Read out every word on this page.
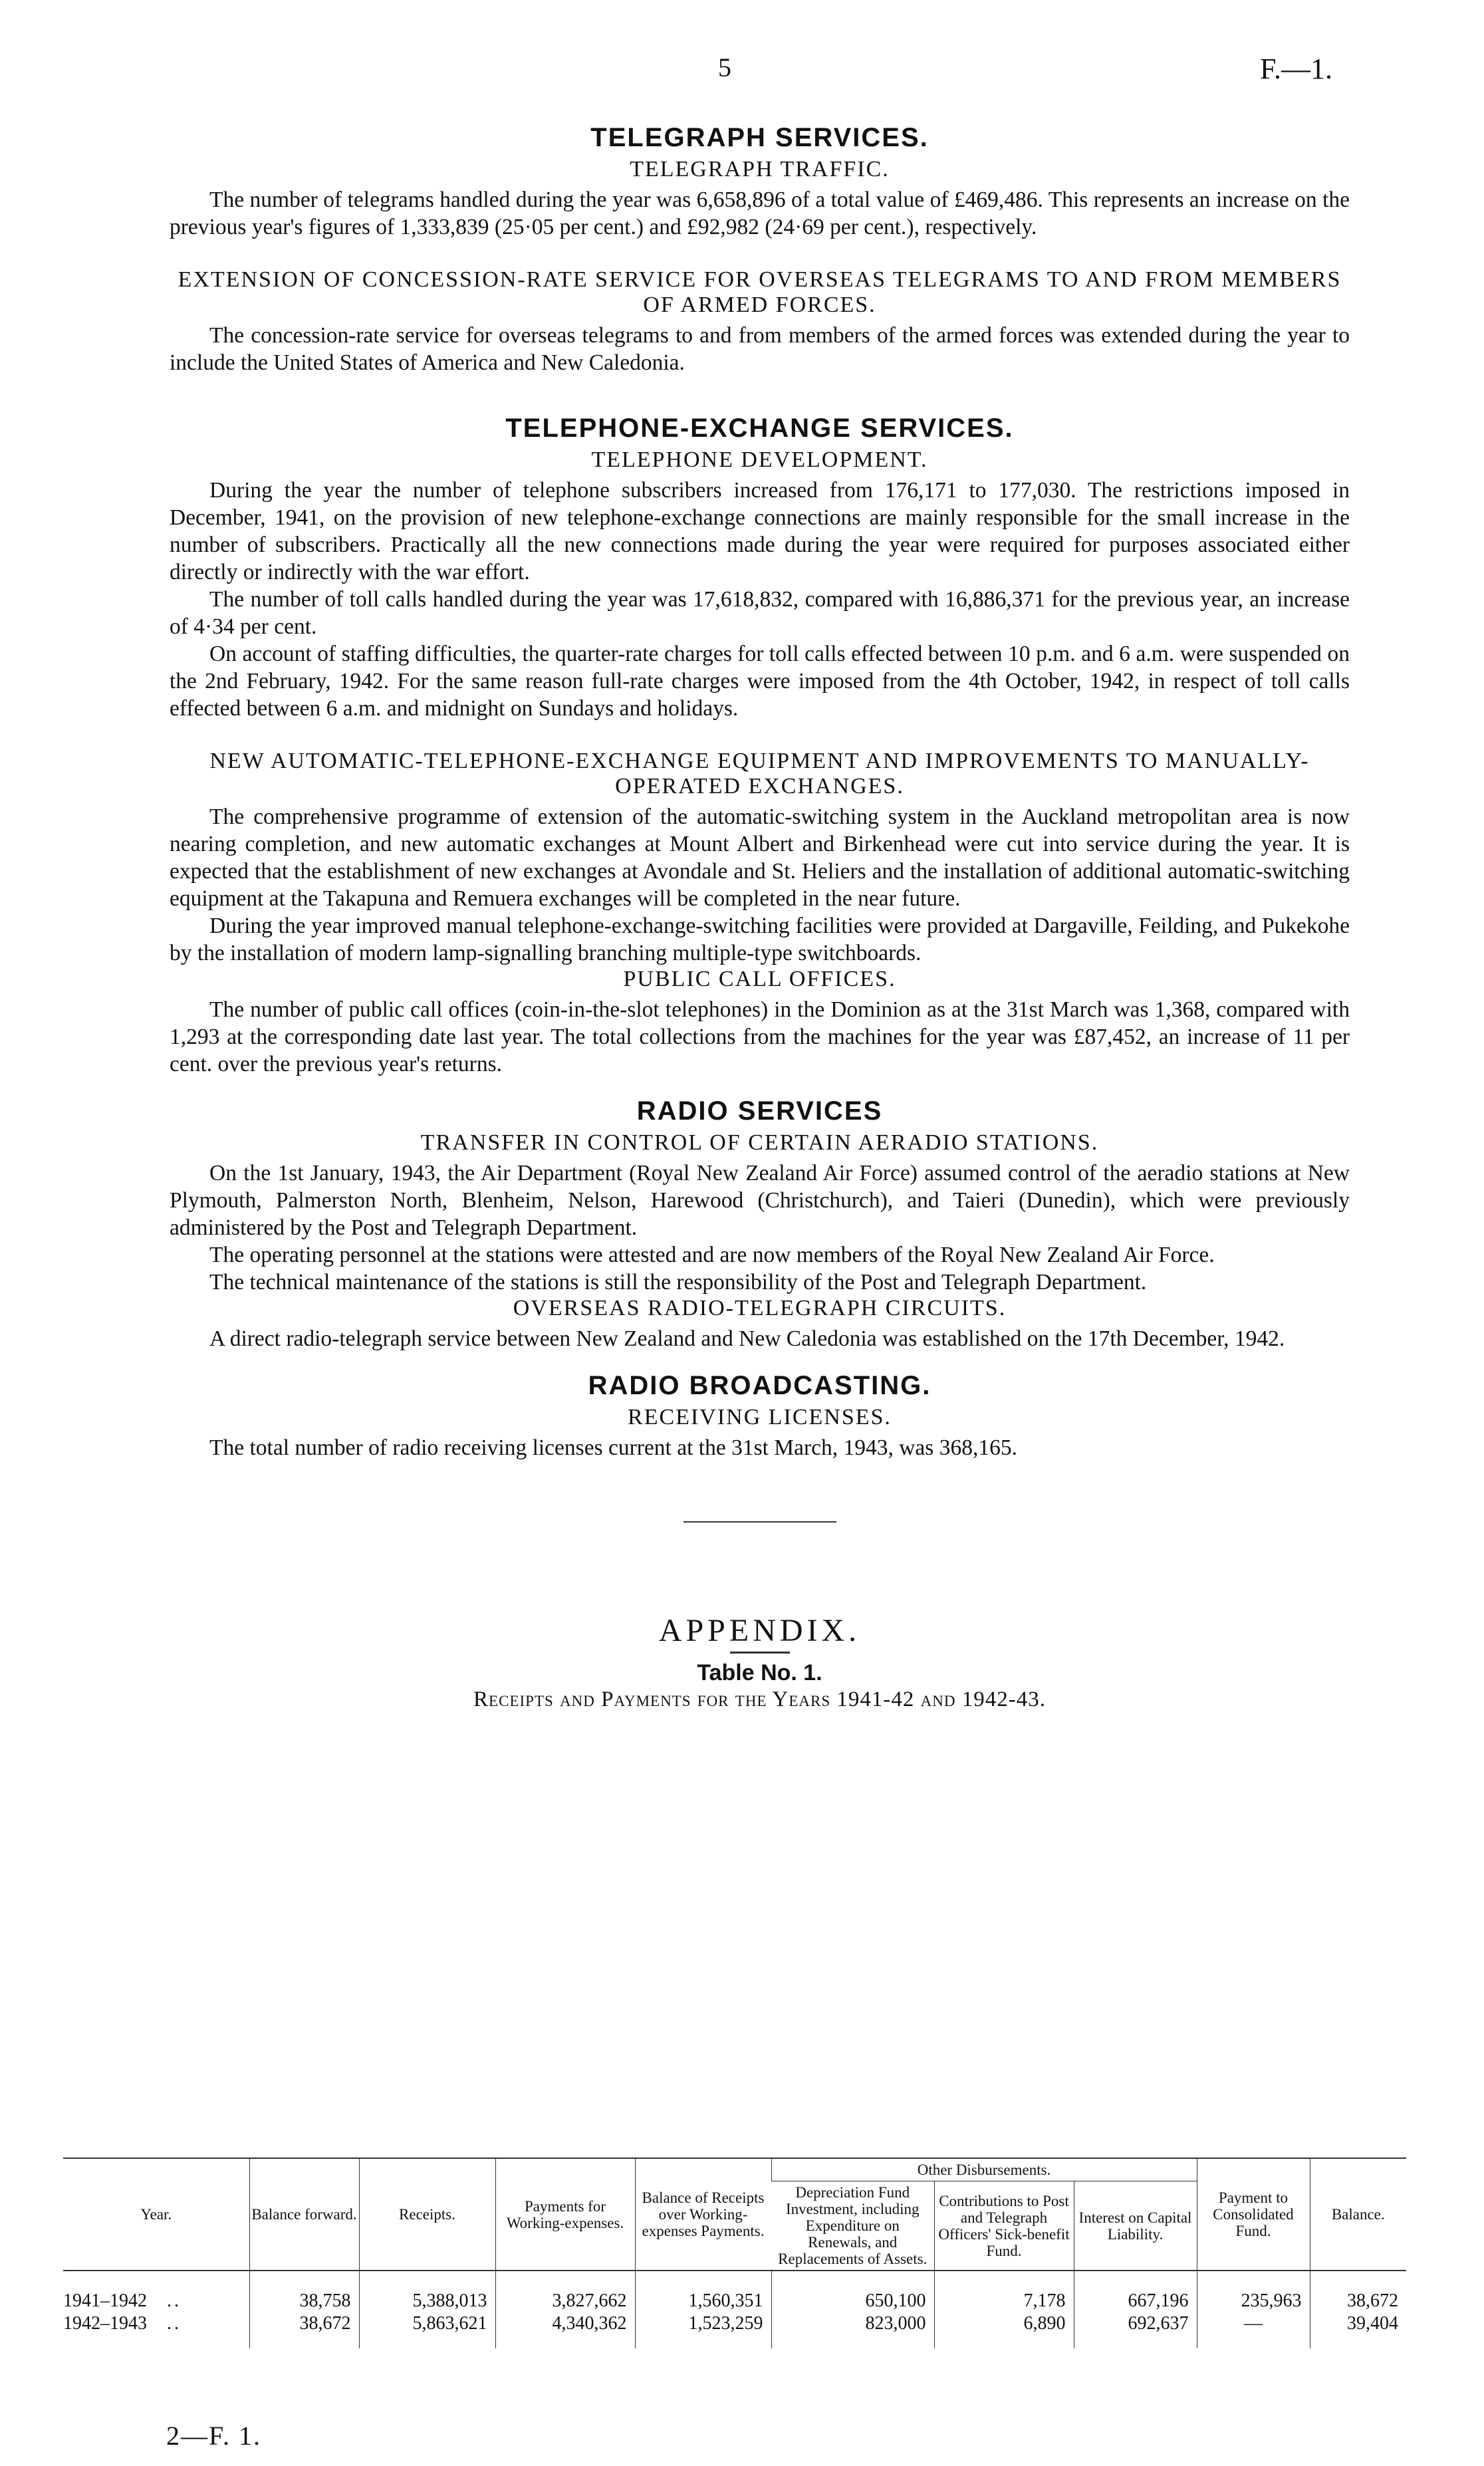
5	F.—1.
TELEGRAPH SERVICES.
TELEGRAPH TRAFFIC.

The number of telegrams handled during the year was 6,658,896 of a total value of £469,486. This represents an increase on the previous year's figures of 1,333,839 (25·05 per cent.) and £92,982 (24·69 per cent.), respectively.

EXTENSION OF CONCESSION-RATE SERVICE FOR OVERSEAS TELEGRAMS TO AND FROM MEMBERS OF ARMED FORCES.

The concession-rate service for overseas telegrams to and from members of the armed forces was extended during the year to include the United States of America and New Caledonia.

TELEPHONE-EXCHANGE SERVICES.
TELEPHONE DEVELOPMENT.

During the year the number of telephone subscribers increased from 176,171 to 177,030. The restrictions imposed in December, 1941, on the provision of new telephone-exchange connections are mainly responsible for the small increase in the number of subscribers. Practically all the new connections made during the year were required for purposes associated either directly or indirectly with the war effort.

The number of toll calls handled during the year was 17,618,832, compared with 16,886,371 for the previous year, an increase of 4·34 per cent.

On account of staffing difficulties, the quarter-rate charges for toll calls effected between 10 p.m. and 6 a.m. were suspended on the 2nd February, 1942. For the same reason full-rate charges were imposed from the 4th October, 1942, in respect of toll calls effected between 6 a.m. and midnight on Sundays and holidays.

NEW AUTOMATIC-TELEPHONE-EXCHANGE EQUIPMENT AND IMPROVEMENTS TO MANUALLY-OPERATED EXCHANGES.

The comprehensive programme of extension of the automatic-switching system in the Auckland metropolitan area is now nearing completion, and new automatic exchanges at Mount Albert and Birkenhead were cut into service during the year. It is expected that the establishment of new exchanges at Avondale and St. Heliers and the installation of additional automatic-switching equipment at the Takapuna and Remuera exchanges will be completed in the near future.

During the year improved manual telephone-exchange-switching facilities were provided at Dargaville, Feilding, and Pukekohe by the installation of modern lamp-signalling branching multiple-type switchboards.

PUBLIC CALL OFFICES.

The number of public call offices (coin-in-the-slot telephones) in the Dominion as at the 31st March was 1,368, compared with 1,293 at the corresponding date last year. The total collections from the machines for the year was £87,452, an increase of 11 per cent. over the previous year's returns.

RADIO SERVICES
TRANSFER IN CONTROL OF CERTAIN AERADIO STATIONS.

On the 1st January, 1943, the Air Department (Royal New Zealand Air Force) assumed control of the aeradio stations at New Plymouth, Palmerston North, Blenheim, Nelson, Harewood (Christchurch), and Taieri (Dunedin), which were previously administered by the Post and Telegraph Department.

The operating personnel at the stations were attested and are now members of the Royal New Zealand Air Force.

The technical maintenance of the stations is still the responsibility of the Post and Telegraph Department.

OVERSEAS RADIO-TELEGRAPH CIRCUITS.

A direct radio-telegraph service between New Zealand and New Caledonia was established on the 17th December, 1942.

RADIO BROADCASTING.
RECEIVING LICENSES.

The total number of radio receiving licenses current at the 31st March, 1943, was 368,165.

APPENDIX.
Table No. 1.
Receipts and Payments for the Years 1941-42 and 1942-43.
Year.	Balance forward.	Receipts.	Payments for Working-expenses.	Balance of Receipts over Working-expenses Payments.	Other Disbursements.			Payment to Consolidated Fund.	Balance.
					Depreciation Fund Investment, including Expenditure on Renewals, and Replacements of Assets.	Contributions to Post and Telegraph Officers' Sick-benefit Fund.	Interest on Capital Liability.		

1941–1942 ..	38,758	5,388,013	3,827,662	1,560,351	650,100	7,178	667,196	235,963	38,672
1942–1943 ..	38,672	5,863,621	4,340,362	1,523,259	823,000	6,890	692,637	—	39,404

2—F. 1.
